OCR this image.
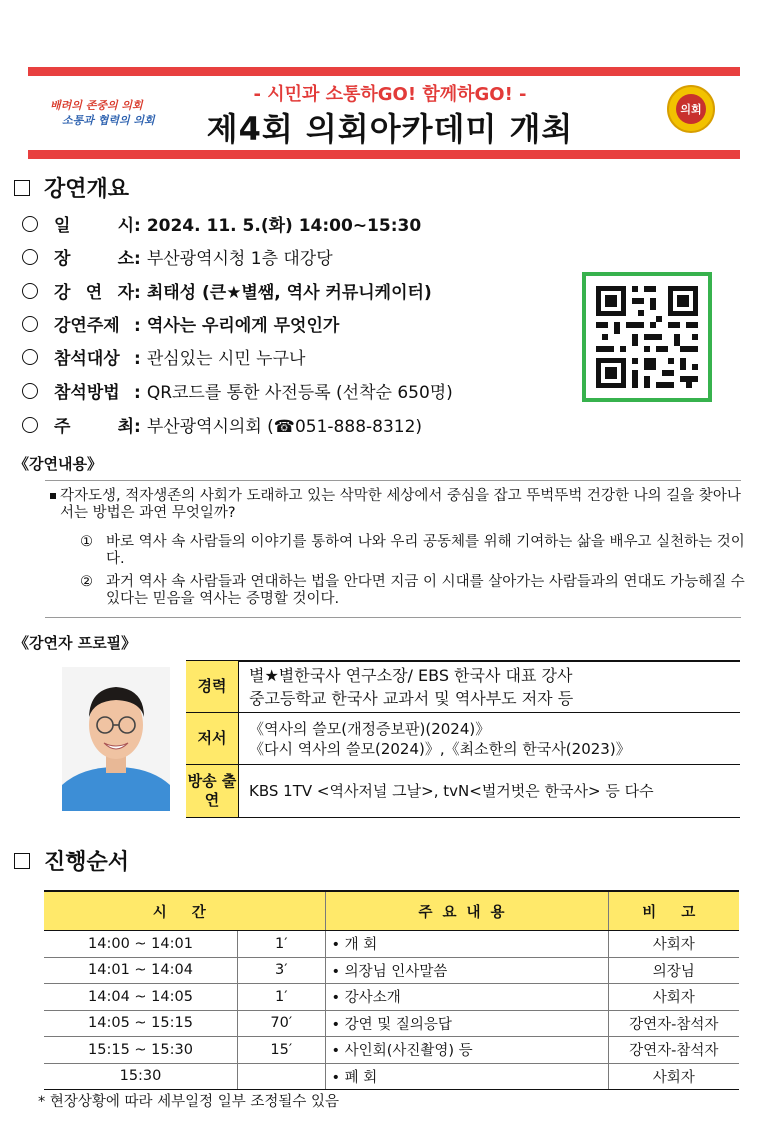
배려의 존중의 의회
소통과 협력의 의회
- 시민과 소통하GO! 함께하GO! -
제4회 의회아카데미 개최
의회
강연개요
일 시: 2024. 11. 5.(화) 14:00~15:30
장 소: 부산광역시청 1층 대강당
강 연 자: 최태성 (큰★별쌤, 역사 커뮤니케이터)
강연주제 : 역사는 우리에게 무엇인가
참석대상 : 관심있는 시민 누구나
참석방법 : QR코드를 통한 사전등록 (선착순 650명)
주 최: 부산광역시의회 (☎051-888-8312)
《강연내용》
각자도생, 적자생존의 사회가 도래하고 있는 삭막한 세상에서 중심을 잡고 뚜벅뚜벅 건강한 나의 길을 찾아나서는 방법은 과연 무엇일까?
① 바로 역사 속 사람들의 이야기를 통하여 나와 우리 공동체를 위해 기여하는 삶을 배우고 실천하는 것이다.
② 과거 역사 속 사람들과 연대하는 법을 안다면 지금 이 시대를 살아가는 사람들과의 연대도 가능해질 수 있다는 믿음을 역사는 증명할 것이다.
《강연자 프로필》
경력	별★별한국사 연구소장/ EBS 한국사 대표 강사
중고등학교 한국사 교과서 및 역사부도 저자 등

저서	《역사의 쓸모(개정증보판)(2024)》
《다시 역사의 쓸모(2024)》,《최소한의 한국사(2023)》

방송 출연	KBS 1TV <역사저널 그날>, tvN<벌거벗은 한국사> 등 다수
진행순서
시 간		주요내용	비 고
14:00 ~ 14:01	1′	• 개 회	사회자
14:01 ~ 14:04	3′	• 의장님 인사말씀	의장님
14:04 ~ 14:05	1′	• 강사소개	사회자
14:05 ~ 15:15	70′	• 강연 및 질의응답	강연자-참석자
15:15 ~ 15:30	15′	• 사인회(사진촬영) 등	강연자-참석자
15:30		• 폐 회	사회자
* 현장상황에 따라 세부일정 일부 조정될수 있음
